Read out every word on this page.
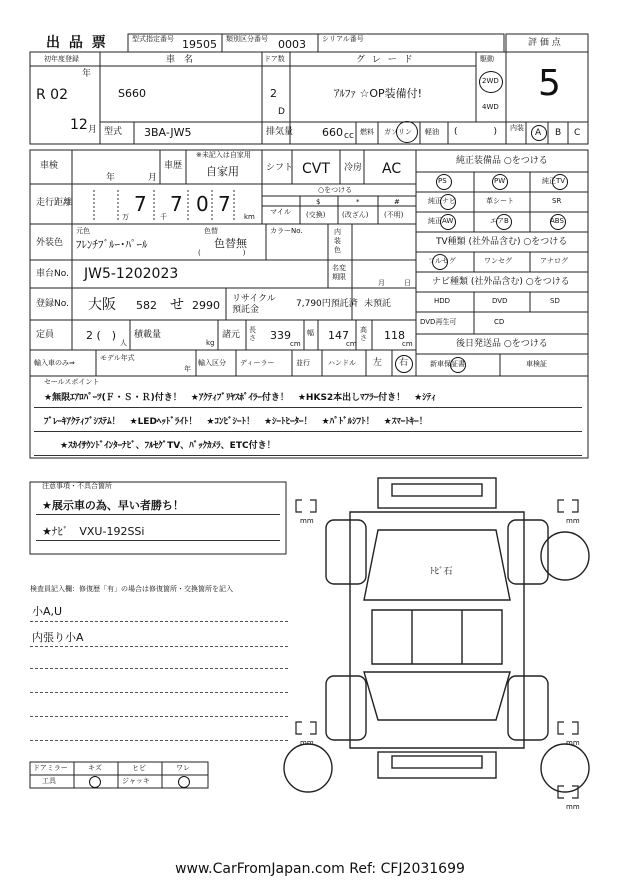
出 品 票	型式指定番号 19505 類別区分番号 0003 シリアル番号	評 価 点
5
初年度登録
年
R 02
12 月
車　名
S660
型式 3BA-JW5
ドア数
2
D
排気量	660 cc
グ レ ー ド
ｱﾙﾌｧ ☆OP装備付!
駆動
2WD
4WD
燃料 ガソリン 軽油 (　　　　) 内装 A B C
車検
年	月
車歴
※未記入は自家用
自家用	シフト CVT 冷房 AC
走行距離	7 7 0 7
万	千	km
○をつける
マイル
$
(交換)
*
(改ざん)
#
(不明)
元色
外装色 ﾌﾚﾝﾁﾌﾞﾙｰ･ﾊﾟｰﾙ
色替
色替無
(　　　　　　)
カラーNo.	内装色
車台No. JW5-1202023	名変期限
月	日
登録No. 大阪 582 せ 2990 リサイクル預託金
7,790円預託済 未預託
定員	2 (　)
人
積載量
kg
諸元 長さ 339
cm
幅 147
cm
高さ 118
cm
輸入車のみ⇒
モデル年式
年
輸入区分 ディーラー	並行	ハンドル 左 右
純正装備品 ○をつける
PS	PW	純正TV
純正ナビ	革シート	SR
純正AW	エアB	ABS
TV種類 (社外品含む) ○をつける
フルセグ	ワンセグ	アナログ
ナビ種類 (社外品含む) ○をつける
HDD	DVD	SD
DVD再生可	CD
後日発送品 ○をつける
新車保証書	車検証
セールスポイント
★無限ｴｱﾛﾊﾟｰﾂ(Ｆ・Ｓ・Ｒ)付き！　★ｱｸﾃｨﾌﾞﾘﾔｽﾎﾟｲﾗｰ付き！　★HKS2本出しﾏﾌﾗｰ付き！　★ｼﾃｨ
ﾌﾞﾚｰｷｱｸﾃｨﾌﾞｼｽﾃﾑ！　★LEDﾍｯﾄﾞﾗｲﾄ！　★ｺﾝﾋﾞｼｰﾄ！　★ｼｰﾄﾋｰﾀｰ！　★ﾊﾟﾄﾞﾙｼﾌﾄ！　★ｽﾏｰﾄｷｰ！
★ｽｶｲｻｳﾝﾄﾞｲﾝﾀｰﾅﾋﾞ、ﾌﾙｾｸﾞTV、ﾊﾞｯｸｶﾒﾗ、ETC付き！
注意事項・不具合箇所
★展示車の為、早い者勝ち！
★ﾅﾋﾞ　VXU-192SSi
検査員記入欄：修復歴「有」の場合は修復箇所・交換箇所を記入
小A,U
内張り小A
ドアミラー	キズ	ヒビ	ワレ
工具	ジャッキ
mm	mm
mm	mm
mm
ﾄﾋﾞ石
www.CarFromJapan.com Ref: CFJ2031699
